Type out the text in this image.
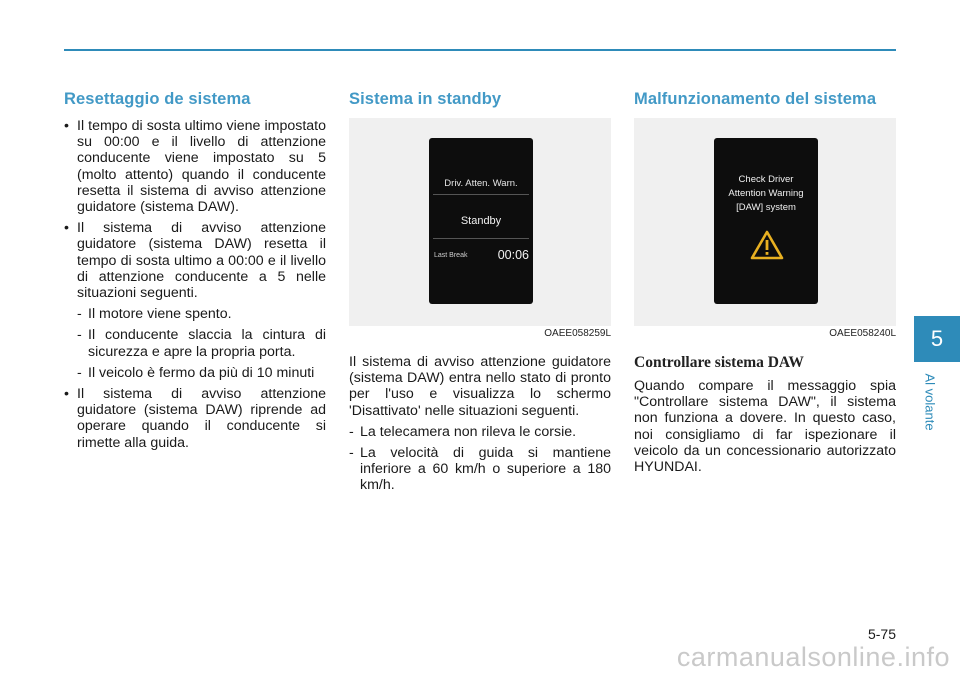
Resettaggio de sistema
• Il tempo di sosta ultimo viene impostato su 00:00 e il livello di attenzione conducente viene impostato su 5 (molto attento) quando il conducente resetta il sistema di avviso attenzione guidatore (sistema DAW).
• Il sistema di avviso attenzione guidatore (sistema DAW) resetta il tempo di sosta ultimo a 00:00 e il livello di attenzione conducente a 5 nelle situazioni seguenti.
- Il motore viene spento.
- Il conducente slaccia la cintura di sicurezza e apre la propria porta.
- Il veicolo è fermo da più di 10 minuti
• Il sistema di avviso attenzione guidatore (sistema DAW) riprende ad operare quando il conducente si rimette alla guida.
Sistema in standby
Driv. Atten. Warn.
Standby
Last Break 00:06
OAEE058259L

Il sistema di avviso attenzione guidatore (sistema DAW) entra nello stato di pronto per l'uso e visualizza lo schermo 'Disattivato' nelle situazioni seguenti.

- La telecamera non rileva le corsie.
- La velocità di guida si mantiene inferiore a 60 km/h o superiore a 180 km/h.
Malfunzionamento del sistema
Check Driver
Attention Warning
[DAW] system
OAEE058240L
Controllare sistema DAW

Quando compare il messaggio spia "Controllare sistema DAW", il sistema non funziona a dovere. In questo caso, noi consigliamo di far ispezionare il veicolo da un concessionario autorizzato HYUNDAI.

5
Al volante
5-75
carmanualsonline.info
